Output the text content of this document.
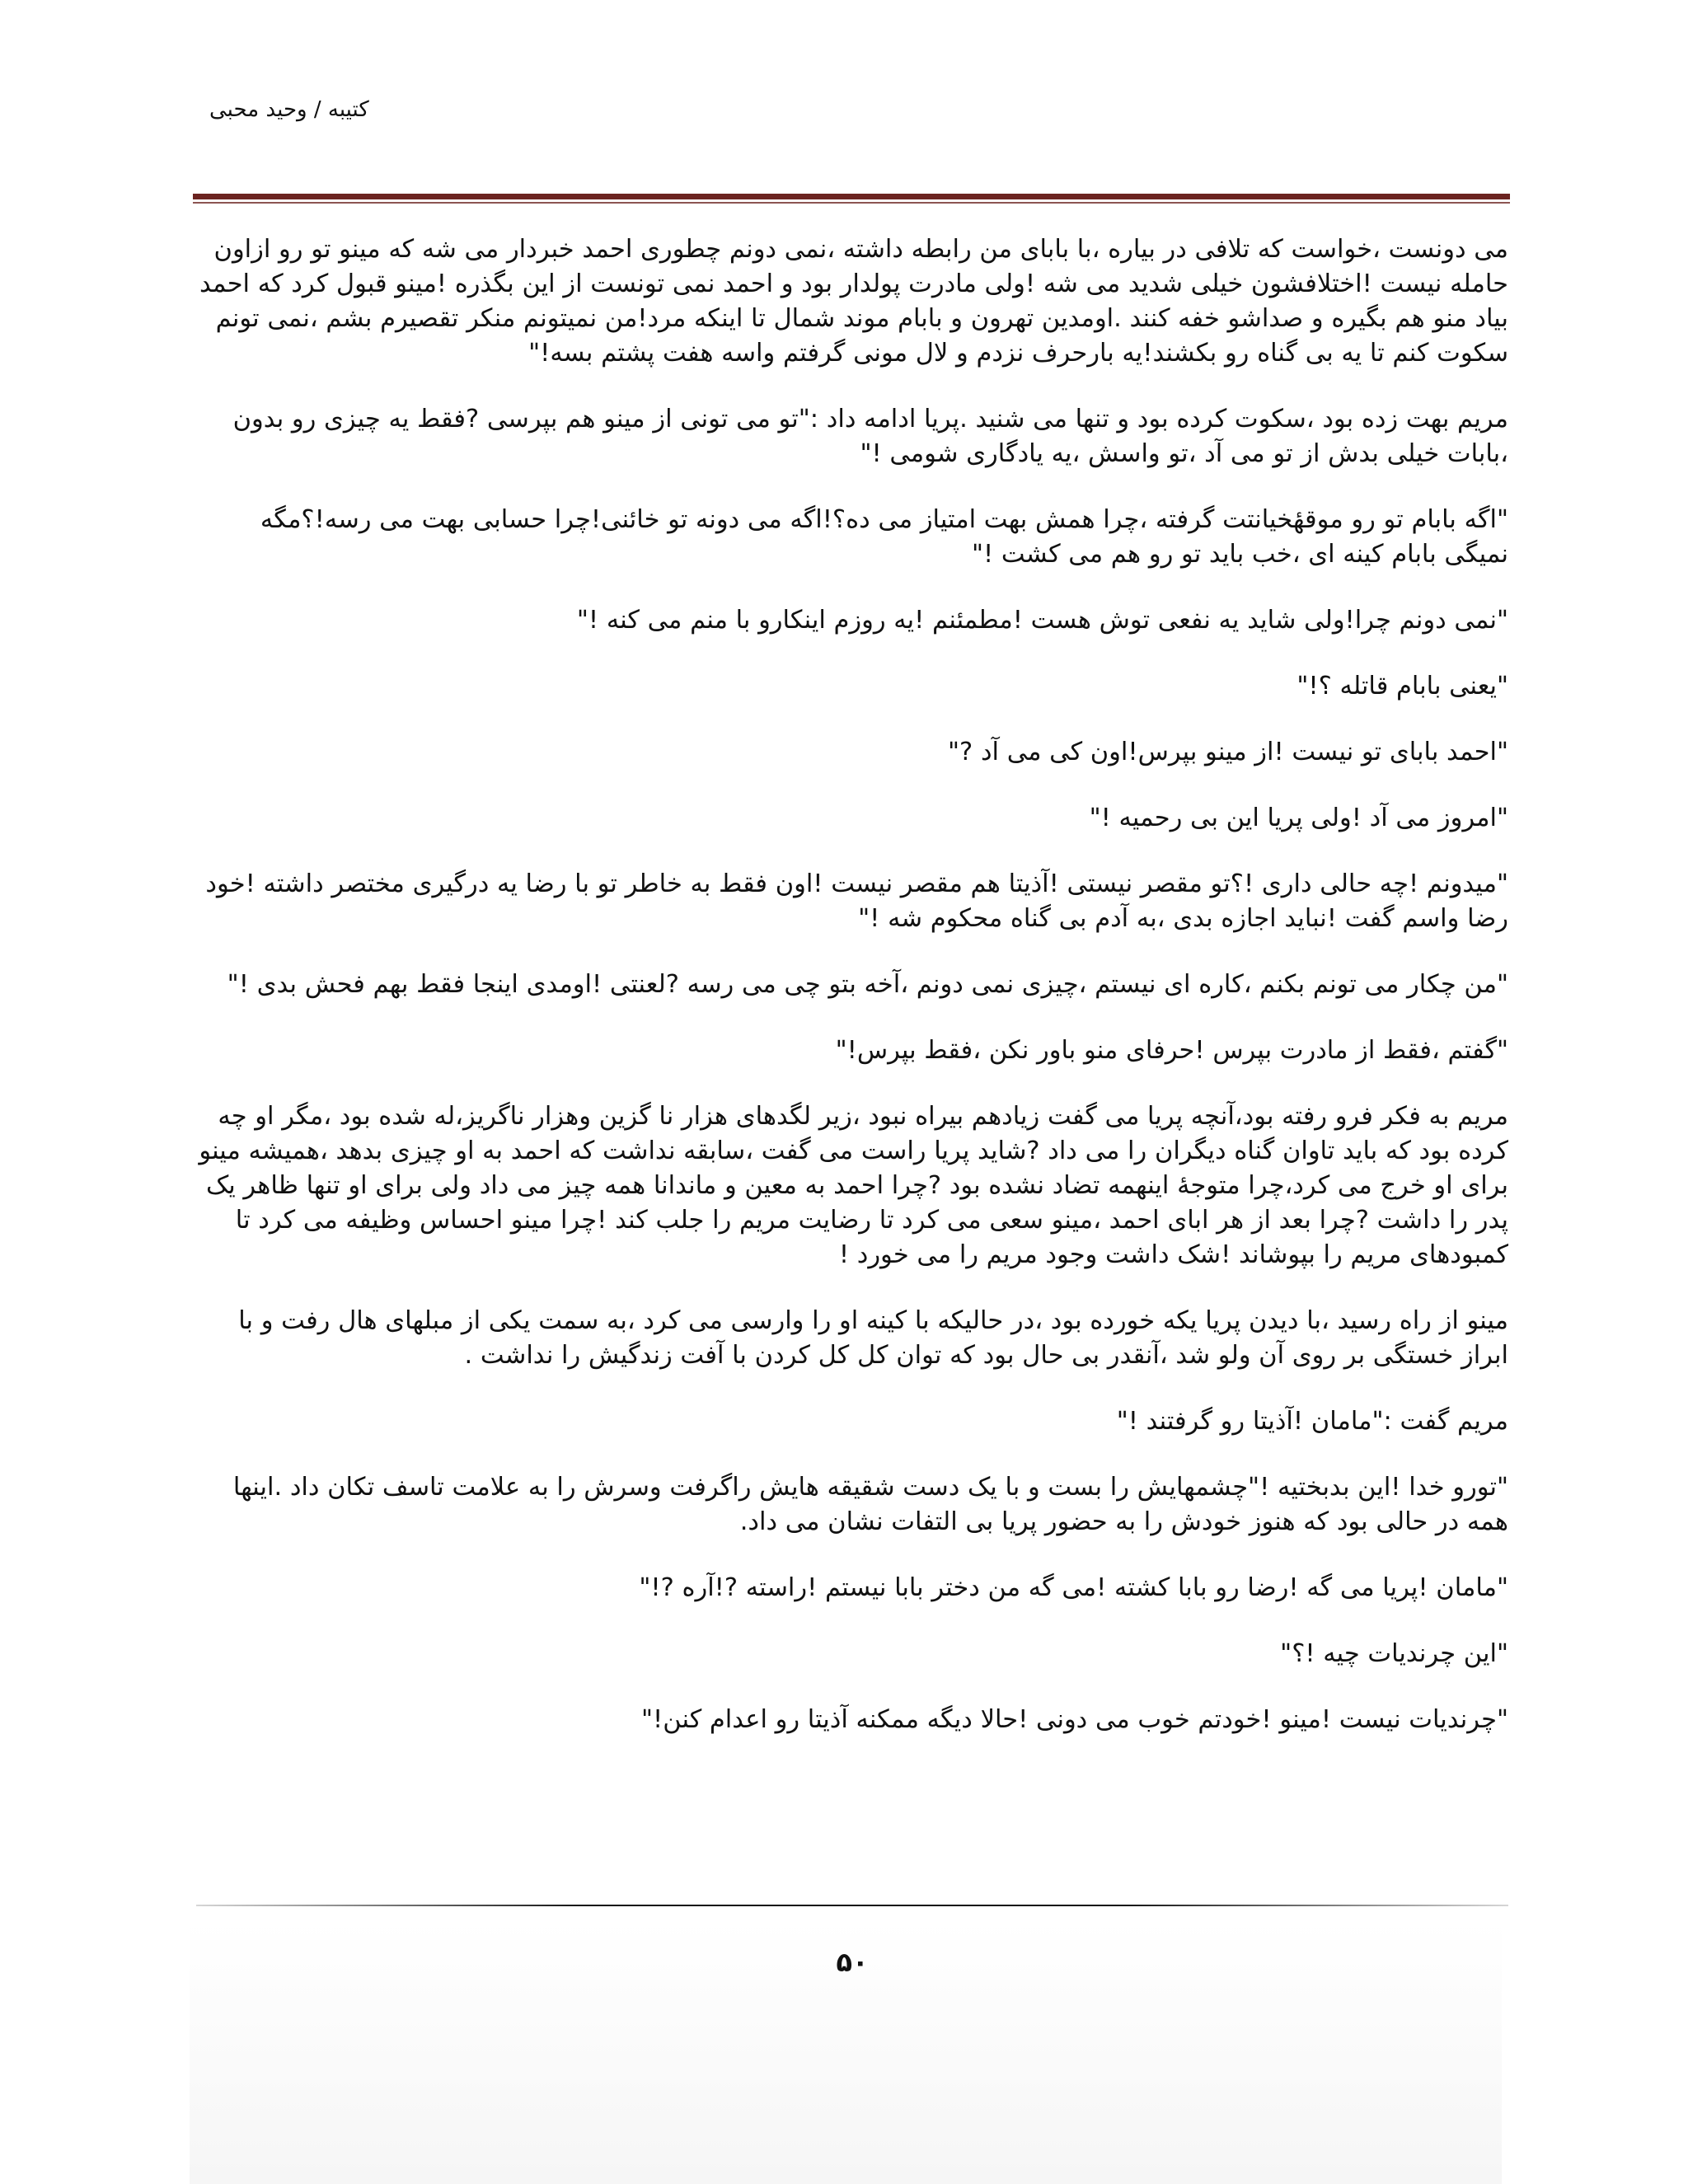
کتیبه / وحید محبی

می دونست ،خواست که تلافی در بیاره ،با بابای من رابطه داشته ،نمی دونم چطوری احمد خبردار می شه که مینو تو رو ازاون حامله نیست !اختلافشون خیلی شدید می شه !ولی مادرت پولدار بود و احمد نمی تونست از این بگذره !مینو قبول کرد که احمد بیاد منو هم بگیره و صداشو خفه کنند .اومدین تهرون و بابام موند شمال تا اینکه مرد!من نمیتونم منکر تقصیرم بشم ،نمی تونم سکوت کنم تا یه بی گناه رو بکشند!یه بارحرف نزدم و لال مونی گرفتم واسه هفت پشتم بسه!"

مریم بهت زده بود ،سکوت کرده بود و تنها می شنید .پریا ادامه داد :"تو می تونی از مینو هم بپرسی ?فقط یه چیزی رو بدون ،بابات خیلی بدش از تو می آد ،تو واسش ،یه یادگاری شومی !"

"اگه بابام تو رو موقهٔخیانتت گرفته ،چرا همش بهت امتیاز می ده؟!اگه می دونه تو خائنی!چرا حسابی بهت می رسه!؟مگه نمیگی بابام کینه ای ،خب باید تو رو هم می کشت !"

"نمی دونم چرا!ولی شاید یه نفعی توش هست !مطمئنم !یه روزم اینکارو با منم می کنه !"

"یعنی بابام قاتله ؟!"

"احمد بابای تو نیست !از مینو بپرس!اون کی می آد ?"

"امروز می آد !ولی پریا این بی رحمیه !"

"میدونم !چه حالی داری !؟تو مقصر نیستی !آذیتا هم مقصر نیست !اون فقط به خاطر تو با رضا یه درگیری مختصر داشته !خود رضا واسم گفت !نباید اجازه بدی ،به آدم بی گناه محکوم شه !"

"من چکار می تونم بکنم ،کاره ای نیستم ،چیزی نمی دونم ،آخه بتو چی می رسه ?لعنتی !اومدی اینجا فقط بهم فحش بدی !"

"گفتم ،فقط از مادرت بپرس !حرفای منو باور نکن ،فقط بپرس!"

مریم به فکر فرو رفته بود،آنچه پریا می گفت زیادهم بیراه نبود ،زیر لگدهای هزار نا گزین وهزار ناگریز،له شده بود ،مگر او چه کرده بود که باید تاوان گناه دیگران را می داد ?شاید پریا راست می گفت ،سابقه نداشت که احمد به او چیزی بدهد ،همیشه مینو برای او خرج می کرد،چرا متوجهٔ اینهمه تضاد نشده بود ?چرا احمد به معین و ماندانا همه چیز می داد ولی برای او تنها ظاهر یک پدر را داشت ?چرا بعد از هر ابای احمد ،مینو سعی می کرد تا رضایت مریم را جلب کند !چرا مینو احساس وظیفه می کرد تا کمبودهای مریم را بپوشاند !شک داشت وجود مریم را می خورد !

مینو از راه رسید ،با دیدن پریا یکه خورده بود ،در حالیکه با کینه او را وارسی می کرد ،به سمت یکی از مبلهای هال رفت و با ابراز خستگی بر روی آن ولو شد ،آنقدر بی حال بود که توان کل کل کردن با آفت زندگیش را نداشت .

مریم گفت :"مامان !آذیتا رو گرفتند !"

"تورو خدا !این بدبختیه !"چشمهایش را بست و با یک دست شقیقه هایش راگرفت وسرش را به علامت تاسف تکان داد .اینها همه در حالی بود که هنوز خودش را به حضور پریا بی التفات نشان می داد.

"مامان !پریا می گه !رضا رو بابا کشته !می گه من دختر بابا نیستم !راسته ?!آره ?!"

"این چرندیات چیه !؟"

"چرندیات نیست !مینو !خودتم خوب می دونی !حالا دیگه ممکنه آذیتا رو اعدام کنن!"

۵۰
